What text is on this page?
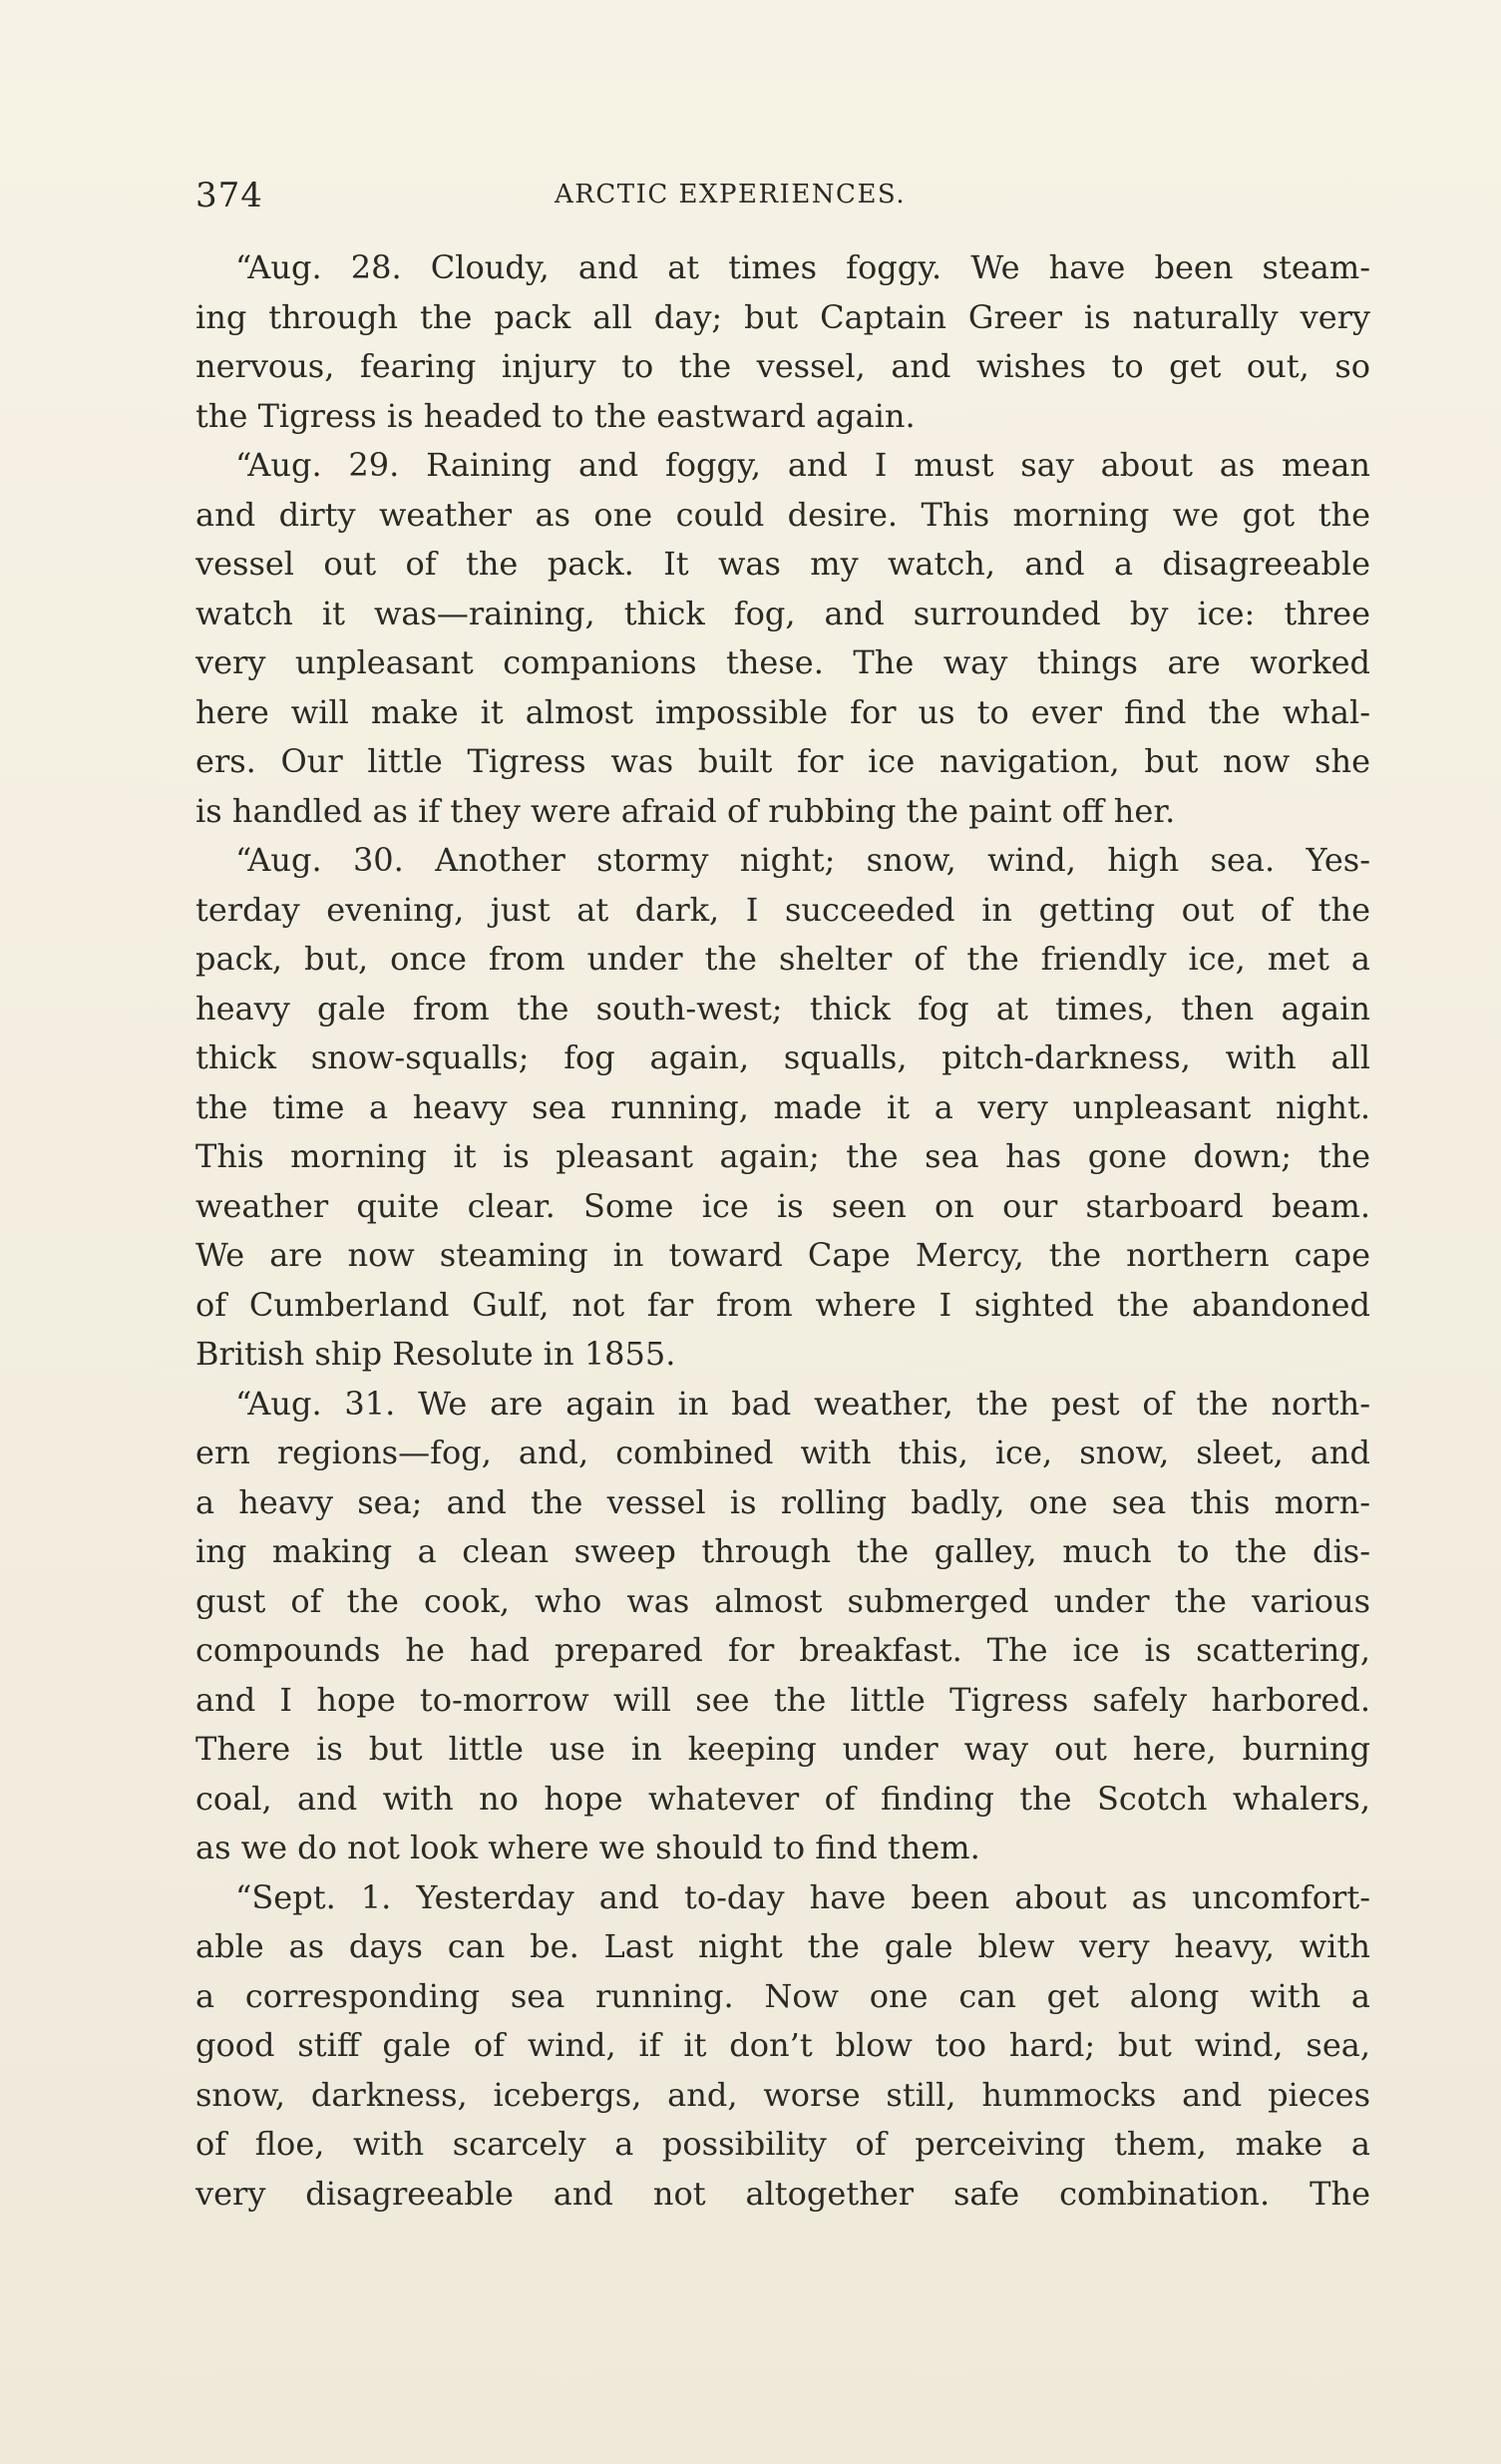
374	ARCTIC EXPERIENCES.
“Aug. 28. Cloudy, and at times foggy. We have been steam-
ing through the pack all day; but Captain Greer is naturally very
nervous, fearing injury to the vessel, and wishes to get out, so
the Tigress is headed to the eastward again.
“Aug. 29. Raining and foggy, and I must say about as mean
and dirty weather as one could desire. This morning we got the
vessel out of the pack. It was my watch, and a disagreeable
watch it was—raining, thick fog, and surrounded by ice: three
very unpleasant companions these. The way things are worked
here will make it almost impossible for us to ever find the whal-
ers. Our little Tigress was built for ice navigation, but now she
is handled as if they were afraid of rubbing the paint off her.
“Aug. 30. Another stormy night; snow, wind, high sea. Yes-
terday evening, just at dark, I succeeded in getting out of the
pack, but, once from under the shelter of the friendly ice, met a
heavy gale from the south-west; thick fog at times, then again
thick snow-squalls; fog again, squalls, pitch-darkness, with all
the time a heavy sea running, made it a very unpleasant night.
This morning it is pleasant again; the sea has gone down; the
weather quite clear. Some ice is seen on our starboard beam.
We are now steaming in toward Cape Mercy, the northern cape
of Cumberland Gulf, not far from where I sighted the abandoned
British ship Resolute in 1855.
“Aug. 31. We are again in bad weather, the pest of the north-
ern regions—fog, and, combined with this, ice, snow, sleet, and
a heavy sea; and the vessel is rolling badly, one sea this morn-
ing making a clean sweep through the galley, much to the dis-
gust of the cook, who was almost submerged under the various
compounds he had prepared for breakfast. The ice is scattering,
and I hope to-morrow will see the little Tigress safely harbored.
There is but little use in keeping under way out here, burning
coal, and with no hope whatever of finding the Scotch whalers,
as we do not look where we should to find them.
“Sept. 1. Yesterday and to-day have been about as uncomfort-
able as days can be. Last night the gale blew very heavy, with
a corresponding sea running. Now one can get along with a
good stiff gale of wind, if it don’t blow too hard; but wind, sea,
snow, darkness, icebergs, and, worse still, hummocks and pieces
of floe, with scarcely a possibility of perceiving them, make a
very disagreeable and not altogether safe combination. The
